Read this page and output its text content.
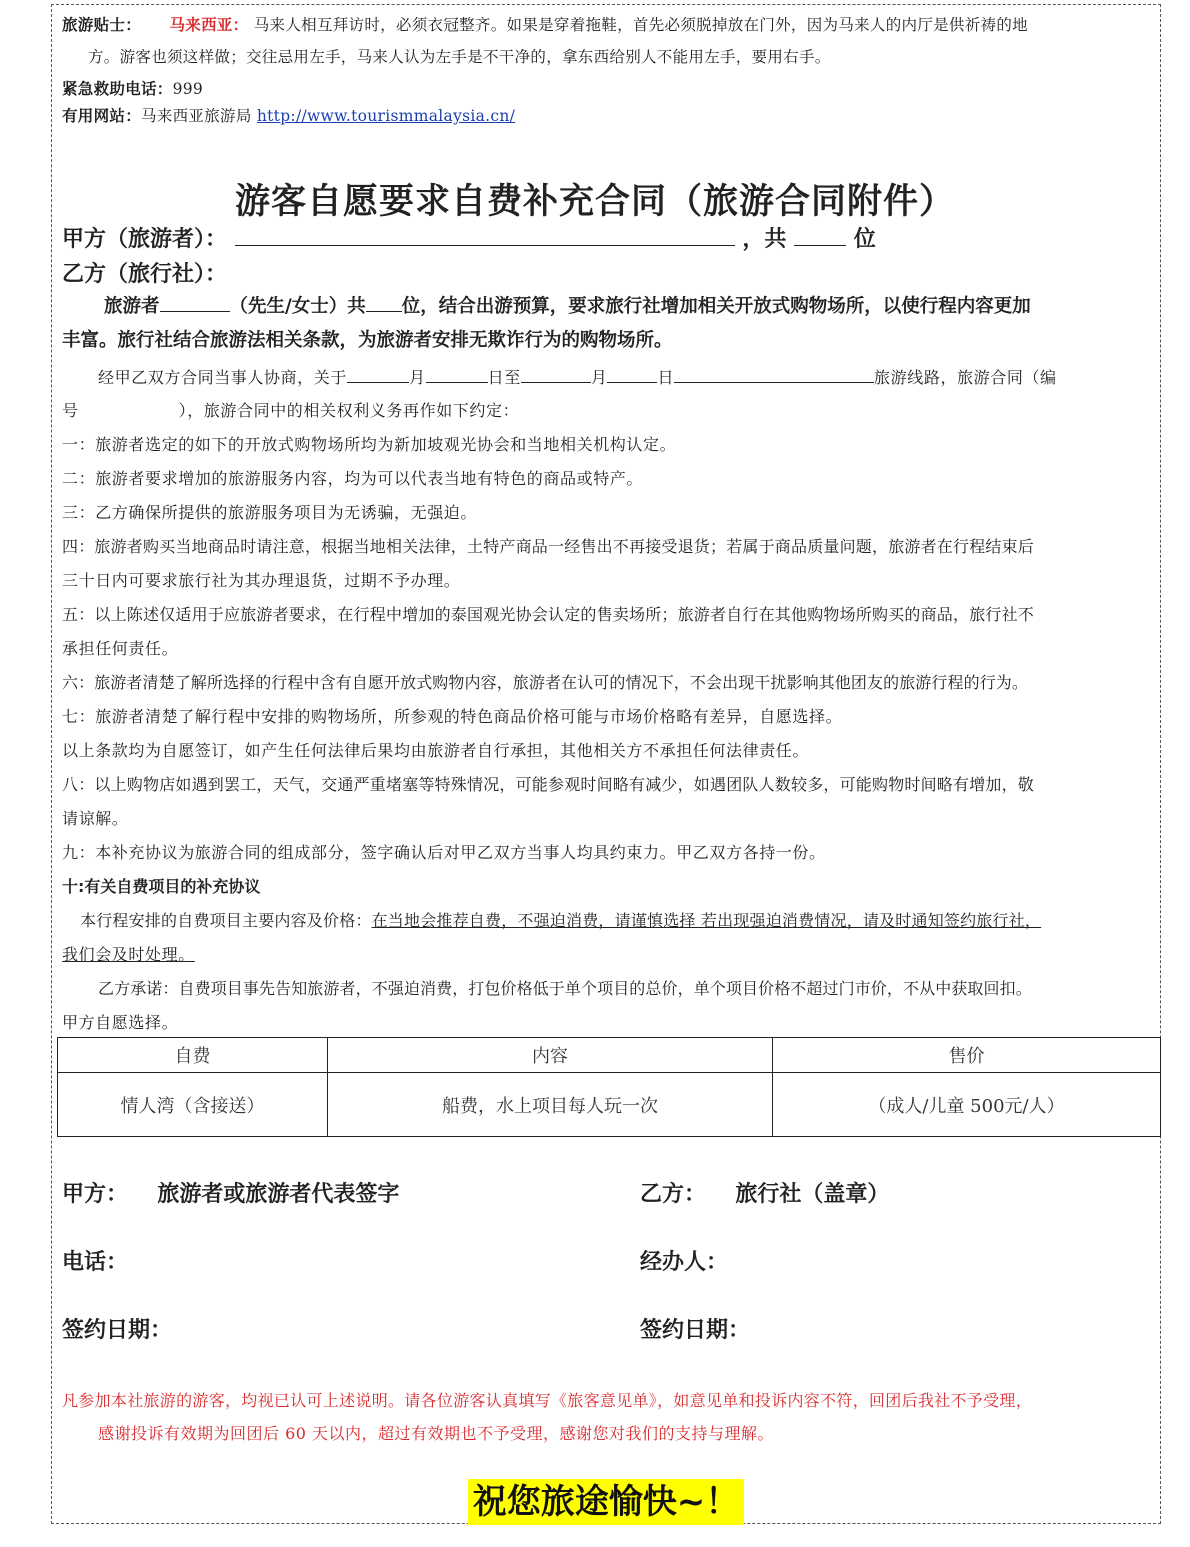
旅游贴士： 马来西亚： 马来人相互拜访时，必须衣冠整齐。如果是穿着拖鞋，首先必须脱掉放在门外，因为马来人的内厅是供祈祷的地
方。游客也须这样做；交往忌用左手，马来人认为左手是不干净的，拿东西给别人不能用左手，要用右手。
紧急救助电话：999
有用网站：马来西亚旅游局 http://www.tourismmalaysia.cn/
游客自愿要求自费补充合同（旅游合同附件）
甲方（旅游者）：	，共	位
乙方（旅行社）：
旅游者	（先生/女士）共 位，结合出游预算，要求旅行社增加相关开放式购物场所，以使行程内容更加
丰富。旅行社结合旅游法相关条款，为旅游者安排无欺诈行为的购物场所。
经甲乙双方合同当事人协商，关于	月	日至	月	日	旅游线路，旅游合同（编
号	），旅游合同中的相关权利义务再作如下约定：
一：旅游者选定的如下的开放式购物场所均为新加坡观光协会和当地相关机构认定。
二：旅游者要求增加的旅游服务内容，均为可以代表当地有特色的商品或特产。
三：乙方确保所提供的旅游服务项目为无诱骗，无强迫。
四：旅游者购买当地商品时请注意，根据当地相关法律，土特产商品一经售出不再接受退货；若属于商品质量问题，旅游者在行程结束后
三十日内可要求旅行社为其办理退货，过期不予办理。
五：以上陈述仅适用于应旅游者要求，在行程中增加的泰国观光协会认定的售卖场所；旅游者自行在其他购物场所购买的商品，旅行社不
承担任何责任。
六：旅游者清楚了解所选择的行程中含有自愿开放式购物内容，旅游者在认可的情况下，不会出现干扰影响其他团友的旅游行程的行为。
七：旅游者清楚了解行程中安排的购物场所，所参观的特色商品价格可能与市场价格略有差异，自愿选择。
以上条款均为自愿签订，如产生任何法律后果均由旅游者自行承担，其他相关方不承担任何法律责任。
八：以上购物店如遇到罢工，天气，交通严重堵塞等特殊情况，可能参观时间略有减少，如遇团队人数较多，可能购物时间略有增加，敬
请谅解。
九：本补充协议为旅游合同的组成部分，签字确认后对甲乙双方当事人均具约束力。甲乙双方各持一份。
十:有关自费项目的补充协议
本行程安排的自费项目主要内容及价格：在当地会推荐自费，不强迫消费，请谨慎选择 若出现强迫消费情况，请及时通知签约旅行社，
我们会及时处理。
乙方承诺：自费项目事先告知旅游者，不强迫消费，打包价格低于单个项目的总价，单个项目价格不超过门市价，不从中获取回扣。
甲方自愿选择。
自费	内容	售价
情人湾（含接送）	船费，水上项目每人玩一次	（成人/儿童 500元/人）
甲方： 旅游者或旅游者代表签字	乙方： 旅行社（盖章）
电话：	经办人：
签约日期：	签约日期：
凡参加本社旅游的游客，均视已认可上述说明。请各位游客认真填写《旅客意见单》，如意见单和投诉内容不符，回团后我社不予受理，
感谢投诉有效期为回团后 60 天以内，超过有效期也不予受理，感谢您对我们的支持与理解。
祝您旅途愉快~！
